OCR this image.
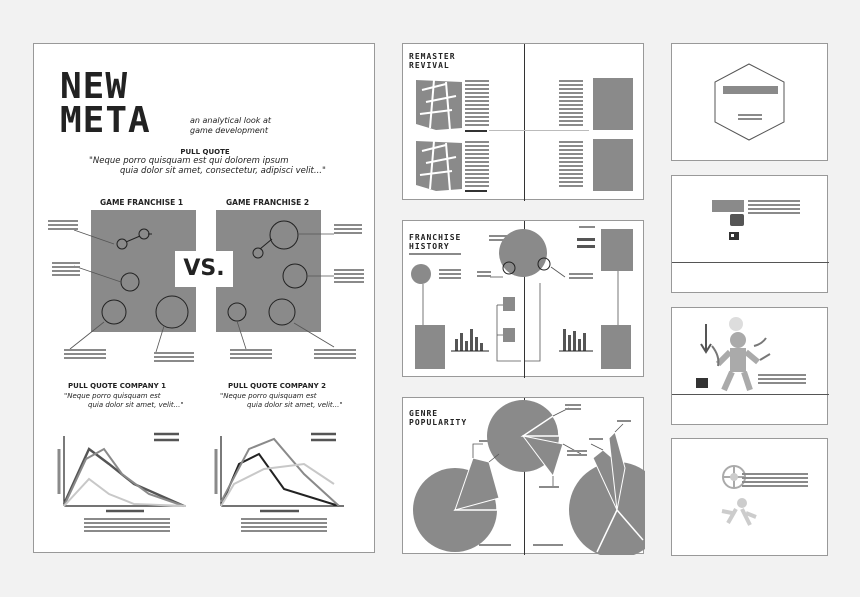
NEW
META	an analytical look at
game development
PULL QUOTE
"Neque porro quisquam est qui dolorem ipsum
quia dolor sit amet, consectetur, adipisci velit..."
GAME FRANCHISE 1	GAME FRANCHISE 2
VS.
PULL QUOTE COMPANY 1
"Neque porro quisquam est
quia dolor sit amet, velit..."
PULL QUOTE COMPANY 2
"Neque porro quisquam est
quia dolor sit amet, velit..."
REMASTER
REVIVAL
FRANCHISE
HISTORY
GENRE
POPULARITY
